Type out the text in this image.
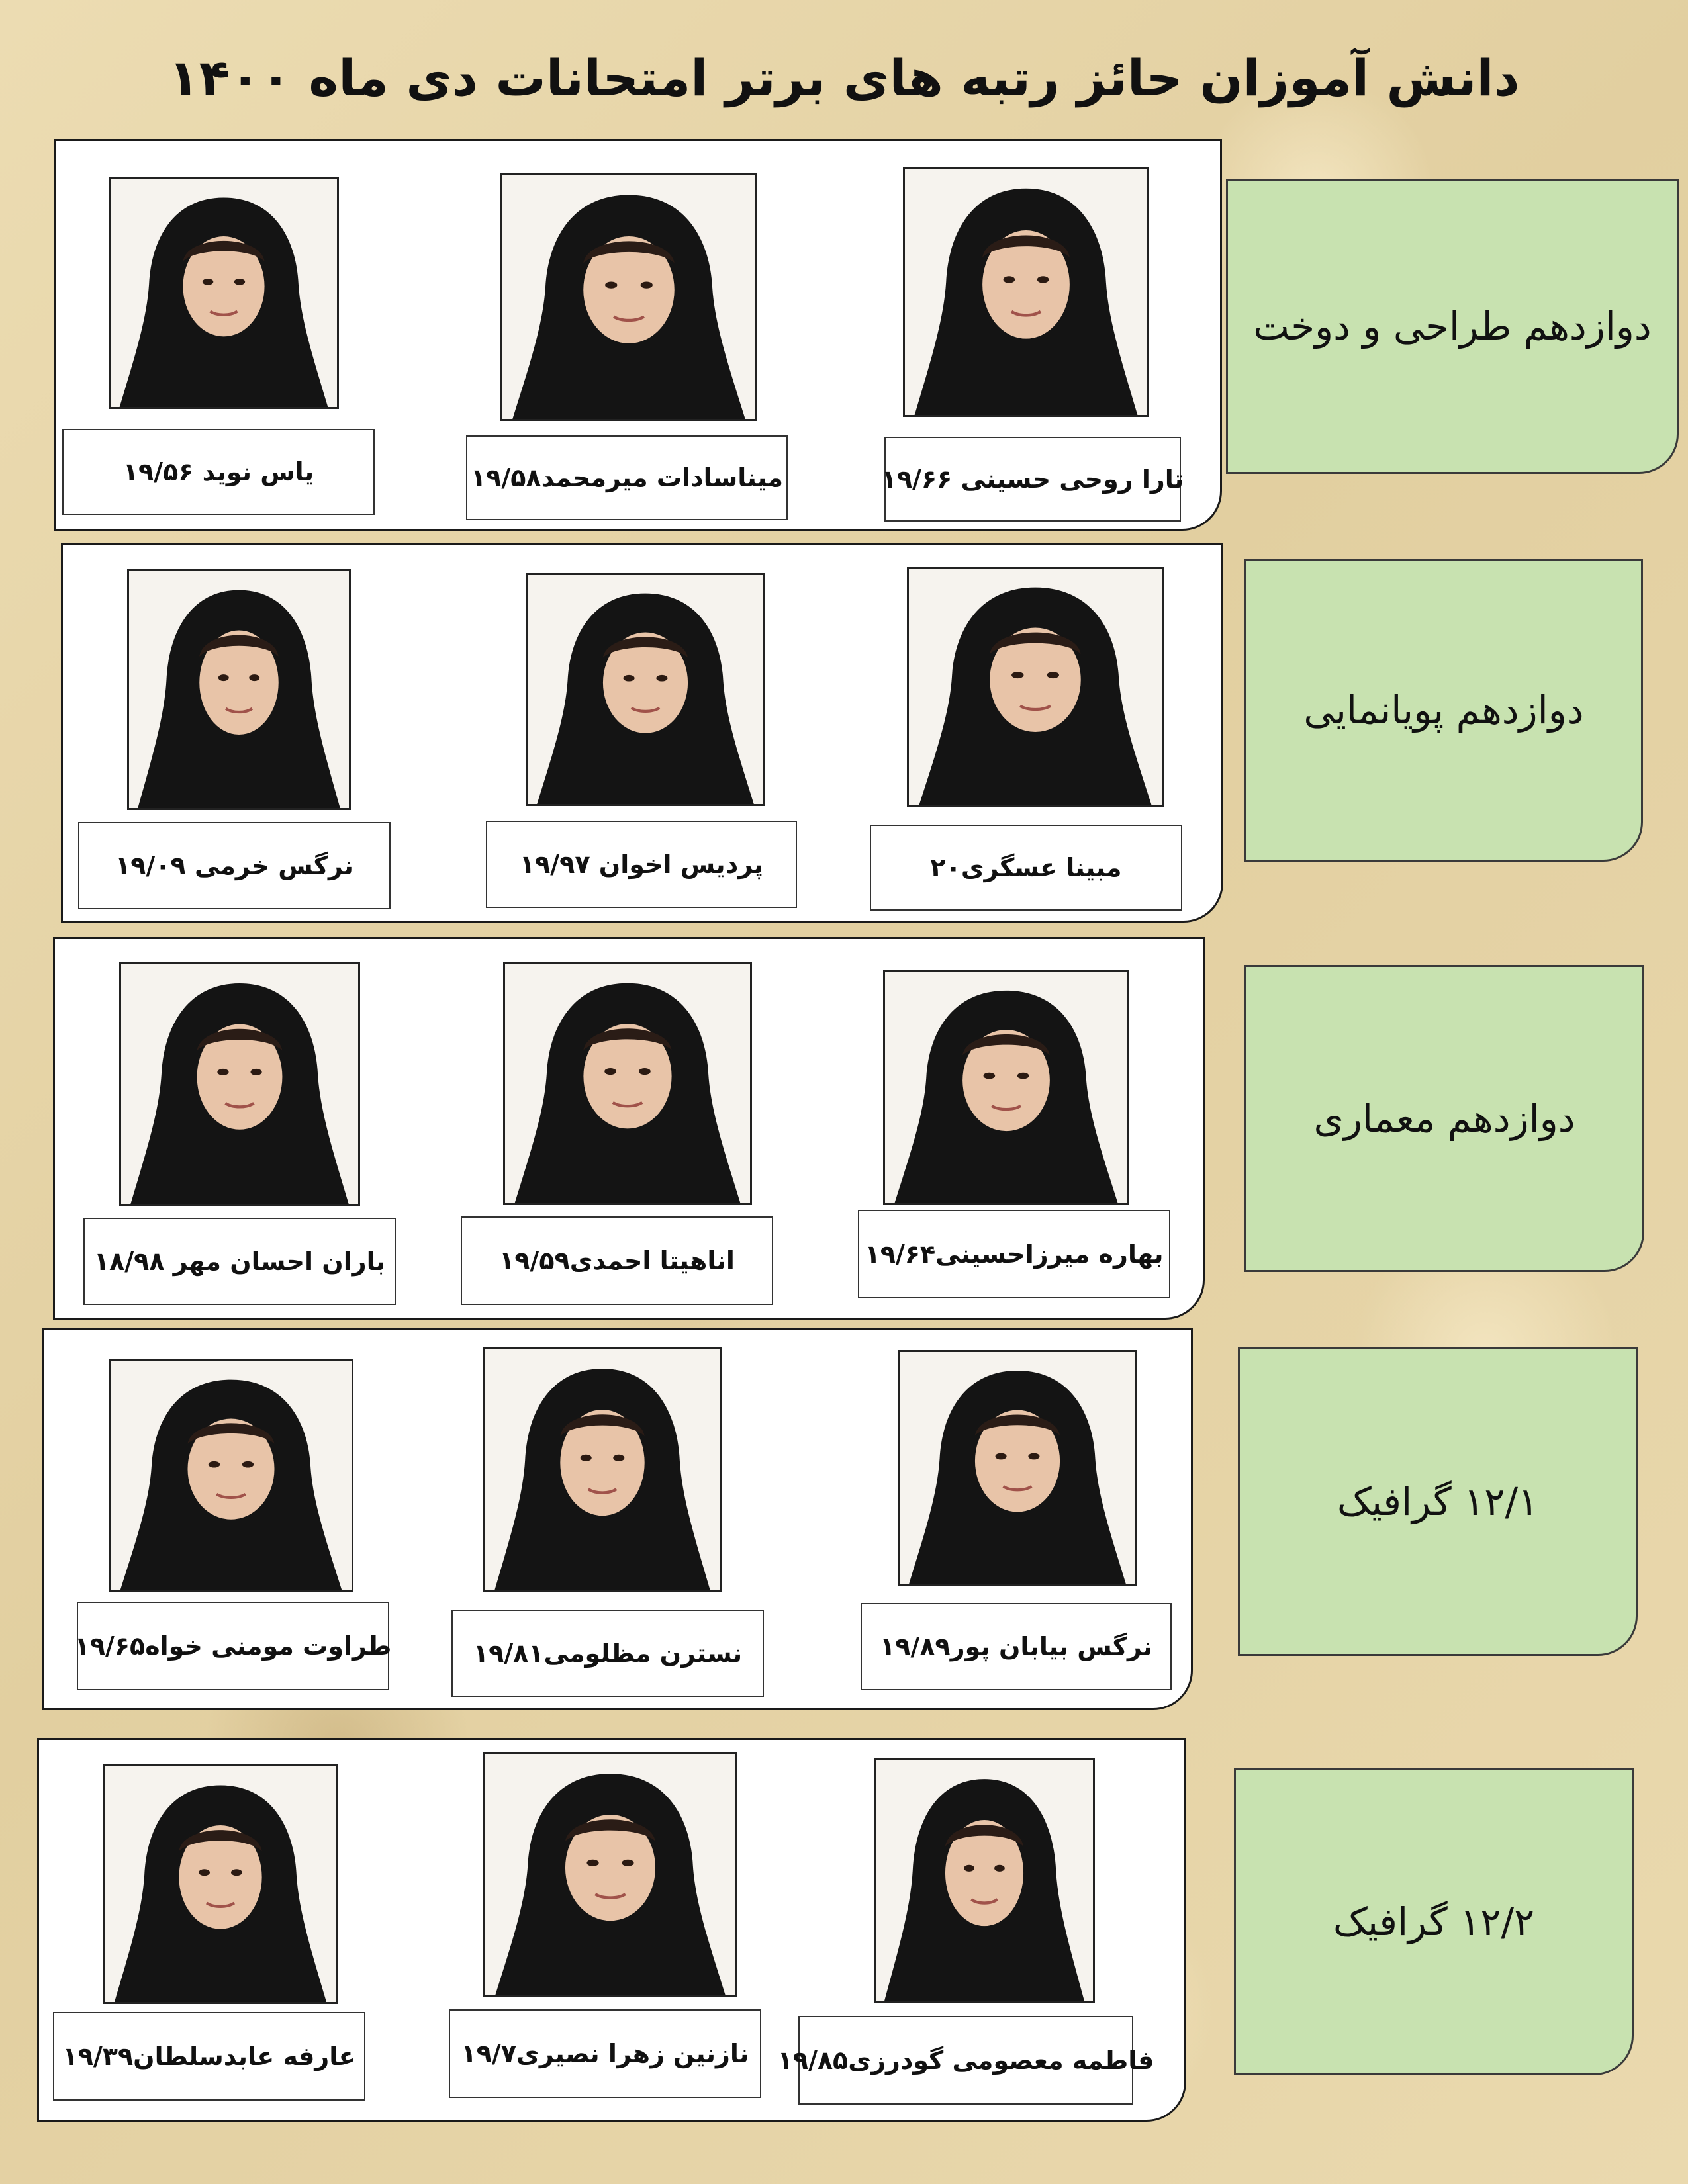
دانش آموزان حائز رتبه های برتر امتحانات دی ماه ۱۴۰۰
دوازدهم طراحی و دوخت
تارا روحی حسینی ۱۹/۶۶
میناسادات میرمحمد۱۹/۵۸
یاس نوید ۱۹/۵۶
دوازدهم پویانمایی
مبینا عسگری۲۰
پردیس اخوان ۱۹/۹۷
نرگس خرمی ۱۹/۰۹
دوازدهم معماری
بهاره میرزاحسینی۱۹/۶۴
اناهیتا احمدی۱۹/۵۹
باران احسان مهر ۱۸/۹۸
۱۲/۱ گرافیک
نرگس بیابان پور۱۹/۸۹
نسترن مظلومی۱۹/۸۱
طراوت مومنی خواه۱۹/۶۵
۱۲/۲ گرافیک
فاطمه معصومی گودرزی۱۹/۸۵
نازنین زهرا نصیری۱۹/۷
عارفه عابدسلطان۱۹/۳۹
